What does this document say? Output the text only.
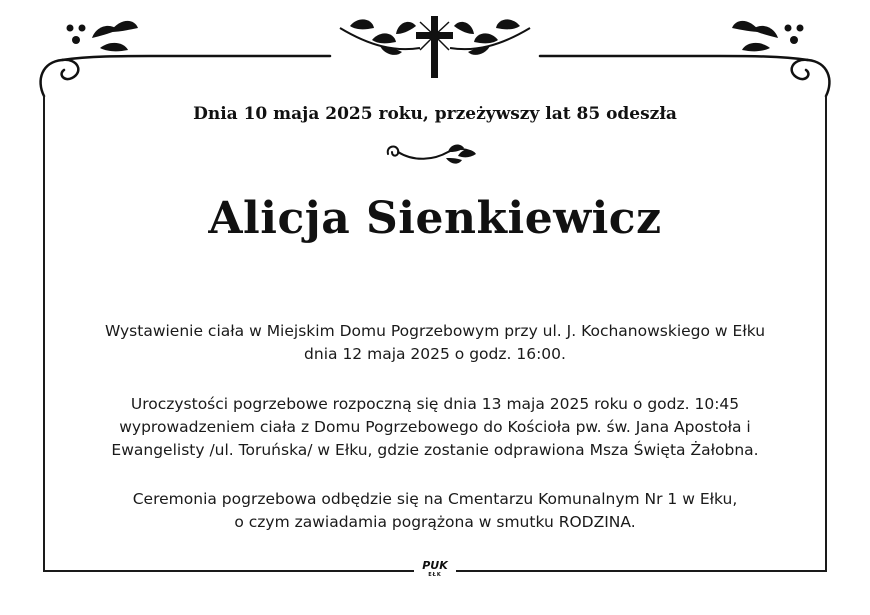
Dnia 10 maja 2025 roku, przeżywszy lat 85 odeszła
Alicja Sienkiewicz
Wystawienie ciała w Miejskim Domu Pogrzebowym przy ul. J. Kochanowskiego w Ełku
dnia 12 maja 2025 o godz. 16:00.
Uroczystości pogrzebowe rozpoczną się dnia 13 maja 2025 roku o godz. 10:45
wyprowadzeniem ciała z Domu Pogrzebowego do Kościoła pw. św. Jana Apostoła i
Ewangelisty /ul. Toruńska/ w Ełku, gdzie zostanie odprawiona Msza Święta Żałobna.
Ceremonia pogrzebowa odbędzie się na Cmentarzu Komunalnym Nr 1 w Ełku,
o czym zawiadamia pogrążona w smutku RODZINA.
PUK
EŁK
